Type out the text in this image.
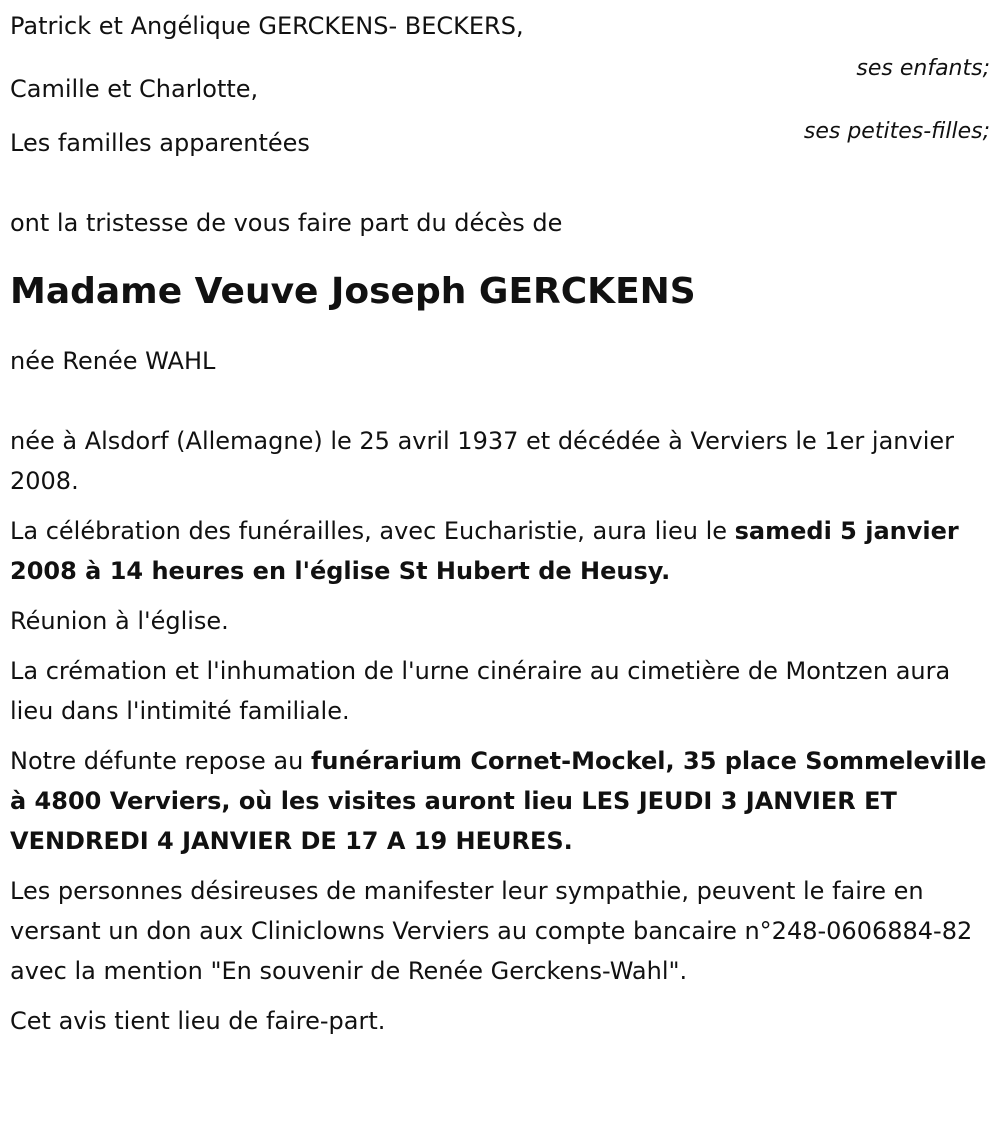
Patrick et Angélique GERCKENS- BECKERS,

ses enfants;

Camille et Charlotte,

ses petites-filles;

Les familles apparentées

ont la tristesse de vous faire part du décès de

Madame Veuve Joseph GERCKENS

née Renée WAHL

née à Alsdorf (Allemagne) le 25 avril 1937 et décédée à Verviers le 1er janvier 2008.

La célébration des funérailles, avec Eucharistie, aura lieu le samedi 5 janvier 2008 à 14 heures en l'église St Hubert de Heusy.

Réunion à l'église.

La crémation et l'inhumation de l'urne cinéraire au cimetière de Montzen aura lieu dans l'intimité familiale.

Notre défunte repose au funérarium Cornet-Mockel, 35 place Sommeleville à 4800 Verviers, où les visites auront lieu LES JEUDI 3 JANVIER ET VENDREDI 4 JANVIER DE 17 A 19 HEURES.

Les personnes désireuses de manifester leur sympathie, peuvent le faire en versant un don aux Cliniclowns Verviers au compte bancaire n°248-0606884-82 avec la mention "En souvenir de Renée Gerckens-Wahl".

Cet avis tient lieu de faire-part.
